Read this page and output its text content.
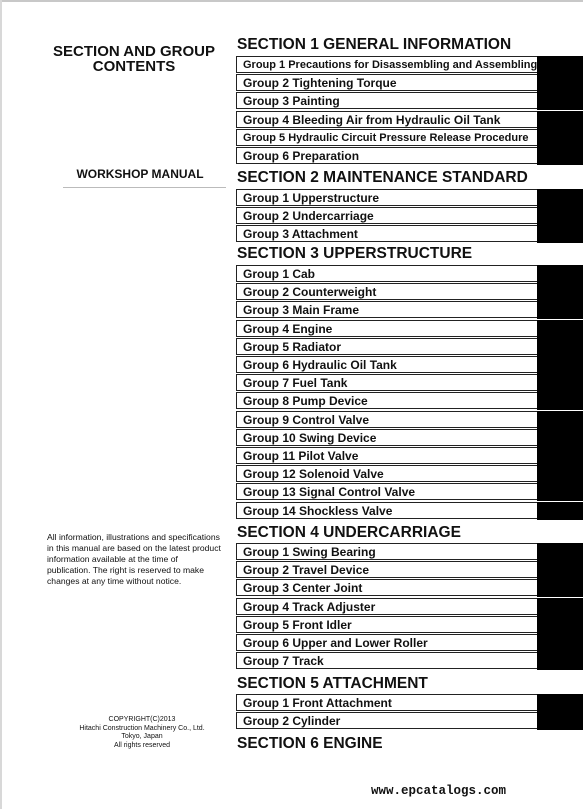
SECTION AND GROUP
CONTENTS
WORKSHOP MANUAL
All information, illustrations and specifications in this manual are based on the latest product information available at the time of publication. The right is reserved to make changes at any time without notice.
COPYRIGHT(C)2013
Hitachi Construction Machinery Co., Ltd.
Tokyo, Japan
All rights reserved
SECTION 1 GENERAL INFORMATION
Group 1 Precautions for Disassembling and Assembling
Group 2 Tightening Torque
Group 3 Painting
Group 4 Bleeding Air from Hydraulic Oil Tank
Group 5 Hydraulic Circuit Pressure Release Procedure
Group 6 Preparation
SECTION 2 MAINTENANCE STANDARD
Group 1 Upperstructure
Group 2 Undercarriage
Group 3 Attachment
SECTION 3 UPPERSTRUCTURE
Group 1 Cab
Group 2 Counterweight
Group 3 Main Frame
Group 4 Engine
Group 5 Radiator
Group 6 Hydraulic Oil Tank
Group 7 Fuel Tank
Group 8 Pump Device
Group 9 Control Valve
Group 10 Swing Device
Group 11 Pilot Valve
Group 12 Solenoid Valve
Group 13 Signal Control Valve
Group 14 Shockless Valve
SECTION 4 UNDERCARRIAGE
Group 1 Swing Bearing
Group 2 Travel Device
Group 3 Center Joint
Group 4 Track Adjuster
Group 5 Front Idler
Group 6 Upper and Lower Roller
Group 7 Track
SECTION 5 ATTACHMENT
Group 1 Front Attachment
Group 2 Cylinder
SECTION 6 ENGINE
www.epcatalogs.com
